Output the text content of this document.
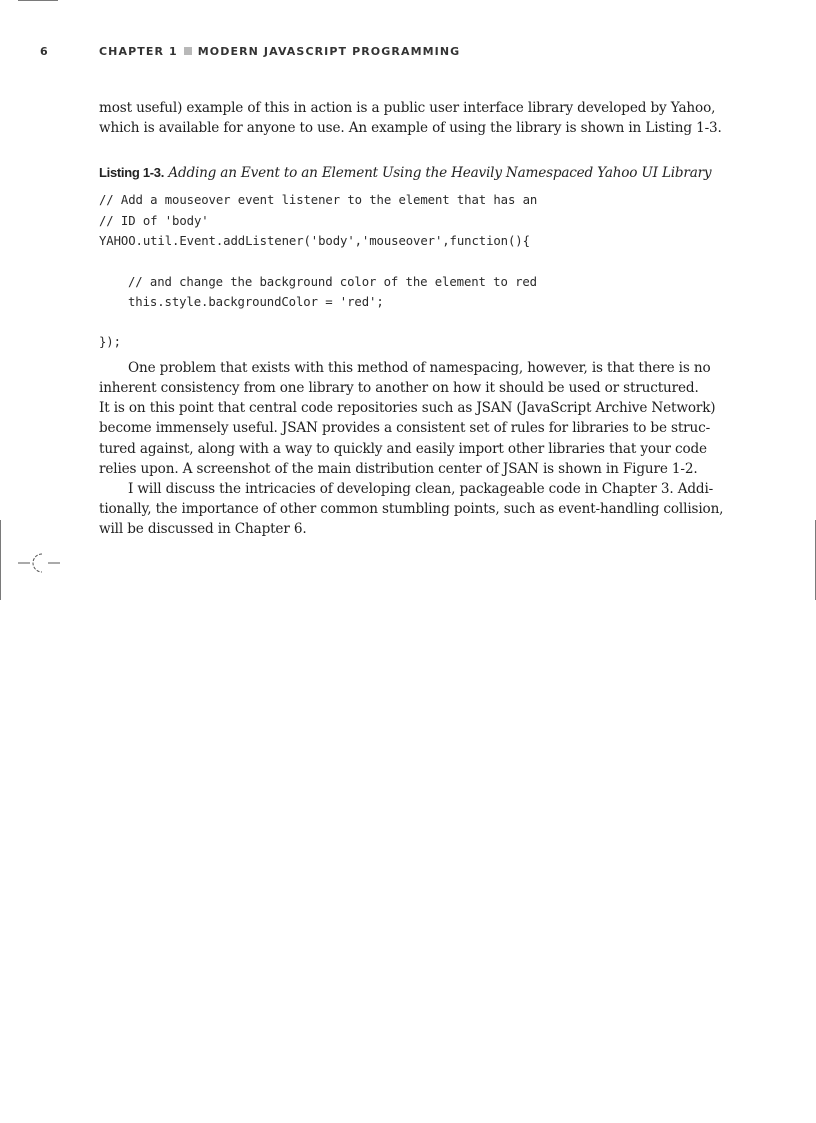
6	CHAPTER 1 MODERN JAVASCRIPT PROGRAMMING

most useful) example of this in action is a public user interface library developed by Yahoo,
which is available for anyone to use. An example of using the library is shown in Listing 1-3.

Listing 1-3. Adding an Event to an Element Using the Heavily Namespaced Yahoo UI Library
// Add a mouseover event listener to the element that has an
// ID of 'body'
YAHOO.util.Event.addListener('body','mouseover',function(){
// and change the background color of the element to red
this.style.backgroundColor = 'red';
});

One problem that exists with this method of namespacing, however, is that there is no
inherent consistency from one library to another on how it should be used or structured.
It is on this point that central code repositories such as JSAN (JavaScript Archive Network)
become immensely useful. JSAN provides a consistent set of rules for libraries to be struc-
tured against, along with a way to quickly and easily import other libraries that your code
relies upon. A screenshot of the main distribution center of JSAN is shown in Figure 1-2.

I will discuss the intricacies of developing clean, packageable code in Chapter 3. Addi-
tionally, the importance of other common stumbling points, such as event-handling collision,
will be discussed in Chapter 6.
